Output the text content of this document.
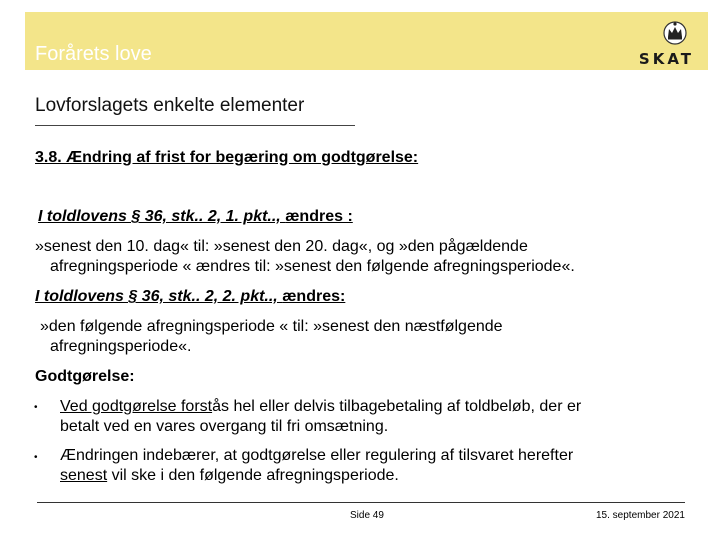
Forårets love	SKAT
Lovforslagets enkelte elementer
3.8. Ændring af frist for begæring om godtgørelse:
I toldlovens § 36, stk.. 2, 1. pkt.., ændres :
»senest den 10. dag« til: »senest den 20. dag«, og »den pågældende
afregningsperiode « ændres til: »senest den følgende afregningsperiode«.
I toldlovens § 36, stk.. 2, 2. pkt.., ændres:
»den følgende afregningsperiode « til: »senest den næstfølgende
afregningsperiode«.
Godtgørelse:
• Ved godtgørelse forstås hel eller delvis tilbagebetaling af toldbeløb, der er
betalt ved en vares overgang til fri omsætning.
• Ændringen indebærer, at godtgørelse eller regulering af tilsvaret herefter
senest vil ske i den følgende afregningsperiode.
Side 49	15. september 2021
